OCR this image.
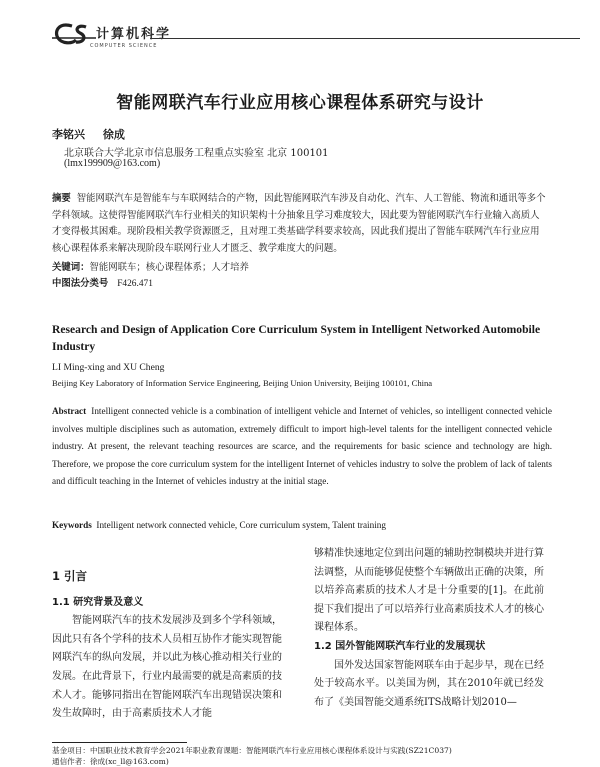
计算机科学
COMPUTER SCIENCE
智能网联汽车行业应用核心课程体系研究与设计
李铭兴 徐成
北京联合大学北京市信息服务工程重点实验室 北京 100101
(lmx199909@163.com)
摘要 智能网联汽车是智能车与车联网结合的产物，因此智能网联汽车涉及自动化、汽车、人工智能、物流和通讯等多个学科领域。这使得智能网联汽车行业相关的知识架构十分抽象且学习难度较大，因此要为智能网联汽车行业输入高质人才变得极其困难。现阶段相关教学资源匮乏，且对理工类基础学科要求较高，因此我们提出了智能车联网汽车行业应用核心课程体系来解决现阶段车联网行业人才匮乏、教学难度大的问题。
关键词：智能网联车；核心课程体系；人才培养
中图法分类号 F426.471
Research and Design of Application Core Curriculum System in Intelligent Networked Automobile Industry
LI Ming-xing and XU Cheng
Beijing Key Laboratory of Information Service Engineering, Beijing Union University, Beijing 100101, China
Abstract Intelligent connected vehicle is a combination of intelligent vehicle and Internet of vehicles, so intelligent connected vehicle involves multiple disciplines such as automation, extremely difficult to import high-level talents for the intelligent connected vehicle industry. At present, the relevant teaching resources are scarce, and the requirements for basic science and technology are high. Therefore, we propose the core curriculum system for the intelligent Internet of vehicles industry to solve the problem of lack of talents and difficult teaching in the Internet of vehicles industry at the initial stage.
Keywords Intelligent network connected vehicle, Core curriculum system, Talent training
1 引言
1.1 研究背景及意义
智能网联汽车的技术发展涉及到多个学科领域，因此只有各个学科的技术人员相互协作才能实现智能网联汽车的纵向发展，并以此为核心推动相关行业的发展。在此背景下，行业内最需要的就是高素质的技术人才。能够同指出在智能网联汽车出现错误决策和发生故障时，由于高素质技术人才能
够精准快速地定位到出问题的辅助控制模块并进行算法调整，从而能够促使整个车辆做出正确的决策，所以培养高素质的技术人才是十分重要的[1]。在此前提下我们提出了可以培养行业高素质技术人才的核心课程体系。
1.2 国外智能网联汽车行业的发展现状
国外发达国家智能网联车由于起步早，现在已经处于较高水平。以美国为例，其在2010年就已经发布了《美国智能交通系统ITS战略计划2010—
基金项目：中国职业技术教育学会2021年职业教育课题：智能网联汽车行业应用核心课程体系设计与实践(SZ21C037)
通信作者：徐成(xc_ll@163.com)
